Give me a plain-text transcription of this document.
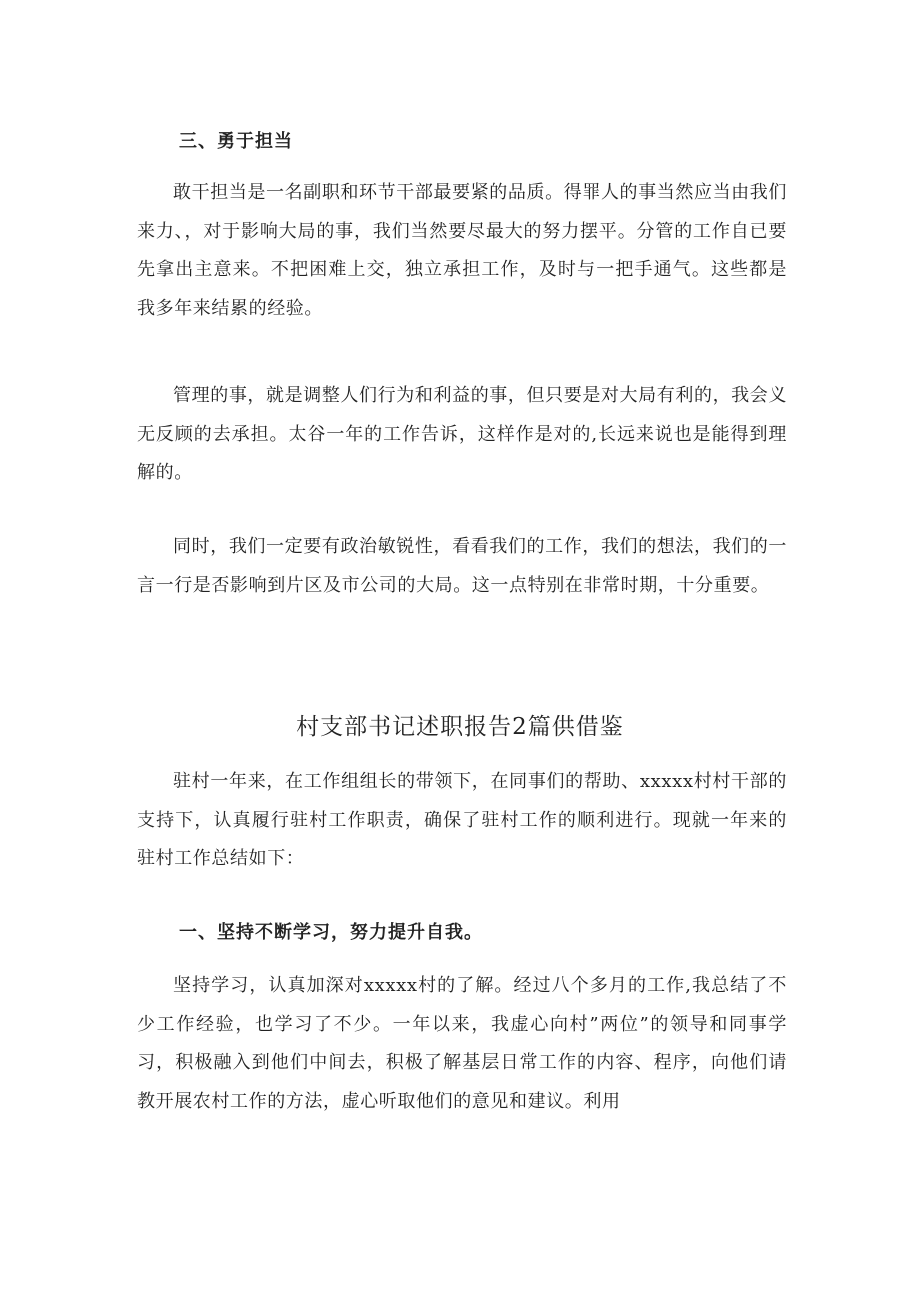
三、勇于担当

敢干担当是一名副职和环节干部最要紧的品质。得罪人的事当然应当由我们来力、，对于影响大局的事，我们当然要尽最大的努力摆平。分管的工作自已要先拿出主意来。不把困难上交，独立承担工作，及时与一把手通气。这些都是我多年来结累的经验。

管理的事，就是调整人们行为和利益的事，但只要是对大局有利的，我会义无反顾的去承担。太谷一年的工作告诉，这样作是对的,长远来说也是能得到理解的。

同时，我们一定要有政治敏锐性，看看我们的工作，我们的想法，我们的一言一行是否影响到片区及市公司的大局。这一点特别在非常时期，十分重要。

村支部书记述职报告2篇供借鉴

驻村一年来，在工作组组长的带领下，在同事们的帮助、xxxxx村村干部的支持下，认真履行驻村工作职责，确保了驻村工作的顺利进行。现就一年来的驻村工作总结如下：

一、坚持不断学习，努力提升自我。

坚持学习，认真加深对xxxxx村的了解。经过八个多月的工作,我总结了不少工作经验，也学习了不少。一年以来，我虚心向村”两位”的领导和同事学习，积极融入到他们中间去，积极了解基层日常工作的内容、程序，向他们请教开展农村工作的方法，虚心听取他们的意见和建议。利用
